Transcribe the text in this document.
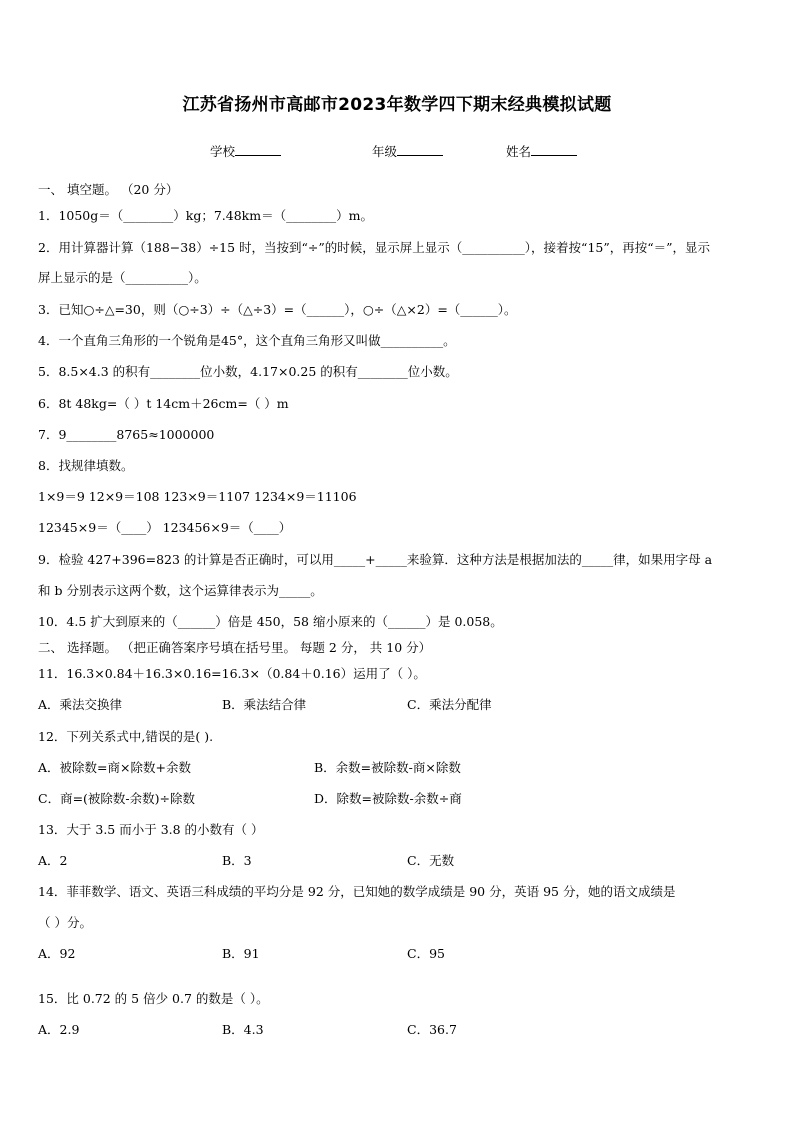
江苏省扬州市高邮市2023年数学四下期末经典模拟试题
学校	年级	姓名
一、 填空题。 （20 分）
1．1050g＝（________）kg；7.48km＝（________）m。
2．用计算器计算（188−38）÷15 时，当按到“÷”的时候，显示屏上显示（__________），接着按“15”，再按“＝”，显示
屏上显示的是（__________）。
3．已知○÷△=30，则（○÷3）÷（△÷3）=（______），○÷（△×2）=（______）。
4．一个直角三角形的一个锐角是45°，这个直角三角形又叫做__________。
5．8.5×4.3 的积有________位小数，4.17×0.25 的积有________位小数。
6．8t 48kg=（ ）t 14cm＋26cm=（ ）m
7．9________8765≈1000000
8．找规律填数。
1×9＝9 12×9＝108 123×9＝1107 1234×9＝11106
12345×9＝（____） 123456×9＝（____）
9．检验 427+396=823 的计算是否正确时，可以用_____+_____来验算．这种方法是根据加法的_____律，如果用字母 a
和 b 分别表示这两个数，这个运算律表示为_____。
10．4.5 扩大到原来的（______）倍是 450，58 缩小原来的（______）是 0.058。
二、 选择题。 （把正确答案序号填在括号里。 每题 2 分， 共 10 分）
11．16.3×0.84＋16.3×0.16=16.3×（0.84＋0.16）运用了（ ）。
A．乘法交换律	B．乘法结合律	C．乘法分配律
12．下列关系式中,错误的是( ).
A．被除数=商×除数+余数	B．余数=被除数-商×除数
C．商=(被除数-余数)÷除数	D．除数=被除数-余数÷商
13．大于 3.5 而小于 3.8 的小数有（ ）
A．2	B．3	C．无数
14．菲菲数学、语文、英语三科成绩的平均分是 92 分，已知她的数学成绩是 90 分，英语 95 分，她的语文成绩是
（ ）分。
A．92	B．91	C．95
15．比 0.72 的 5 倍少 0.7 的数是（ ）。
A．2.9	B．4.3	C．36.7
